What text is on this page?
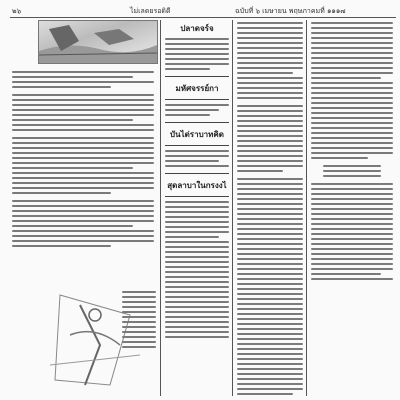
๒๖	ไม่เลดยรอดิดี	ฉบับที่ ๖ เมษายน พฤษภาคมที่ ๑๑๑๗
ปลาดจร์จ
มหัศจรรย์กา
บันได่ราบาทคิด
สุดลาบาในกรงงไ
